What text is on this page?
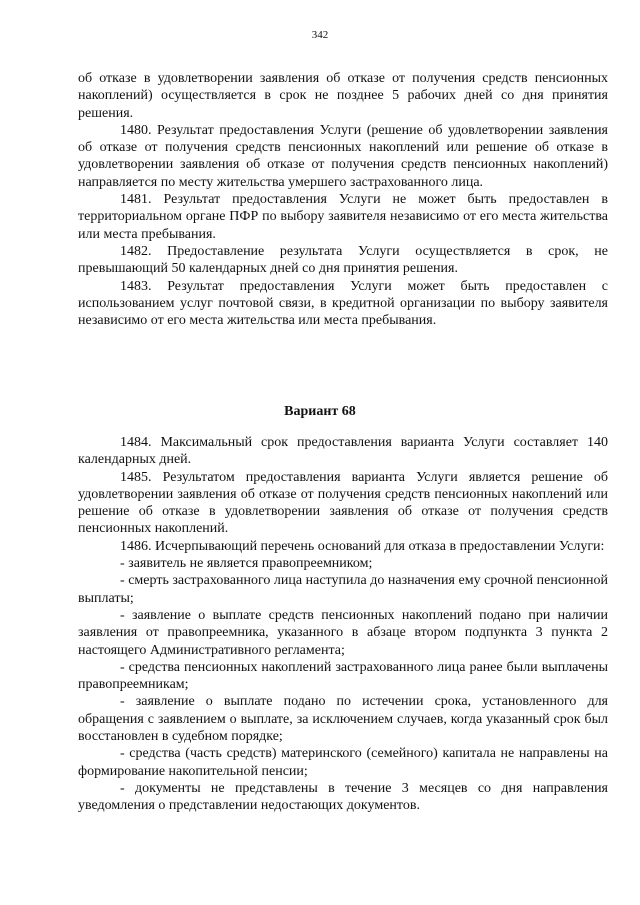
342

об отказе в удовлетворении заявления об отказе от получения средств пенсионных накоплений) осуществляется в срок не позднее 5 рабочих дней со дня принятия решения.

1480. Результат предоставления Услуги (решение об удовлетворении заявления об отказе от получения средств пенсионных накоплений или решение об отказе в удовлетворении заявления об отказе от получения средств пенсионных накоплений) направляется по месту жительства умершего застрахованного лица.

1481. Результат предоставления Услуги не может быть предоставлен в территориальном органе ПФР по выбору заявителя независимо от его места жительства или места пребывания.

1482. Предоставление результата Услуги осуществляется в срок, не превышающий 50 календарных дней со дня принятия решения.

1483. Результат предоставления Услуги может быть предоставлен с использованием услуг почтовой связи, в кредитной организации по выбору заявителя независимо от его места жительства или места пребывания.

Вариант 68

1484. Максимальный срок предоставления варианта Услуги составляет 140 календарных дней.

1485. Результатом предоставления варианта Услуги является решение об удовлетворении заявления об отказе от получения средств пенсионных накоплений или решение об отказе в удовлетворении заявления об отказе от получения средств пенсионных накоплений.

1486. Исчерпывающий перечень оснований для отказа в предоставлении Услуги:

- заявитель не является правопреемником;

- смерть застрахованного лица наступила до назначения ему срочной пенсионной выплаты;

- заявление о выплате средств пенсионных накоплений подано при наличии заявления от правопреемника, указанного в абзаце втором подпункта 3 пункта 2 настоящего Административного регламента;

- средства пенсионных накоплений застрахованного лица ранее были выплачены правопреемникам;

- заявление о выплате подано по истечении срока, установленного для обращения с заявлением о выплате, за исключением случаев, когда указанный срок был восстановлен в судебном порядке;

- средства (часть средств) материнского (семейного) капитала не направлены на формирование накопительной пенсии;

- документы не представлены в течение 3 месяцев со дня направления уведомления о представлении недостающих документов.
